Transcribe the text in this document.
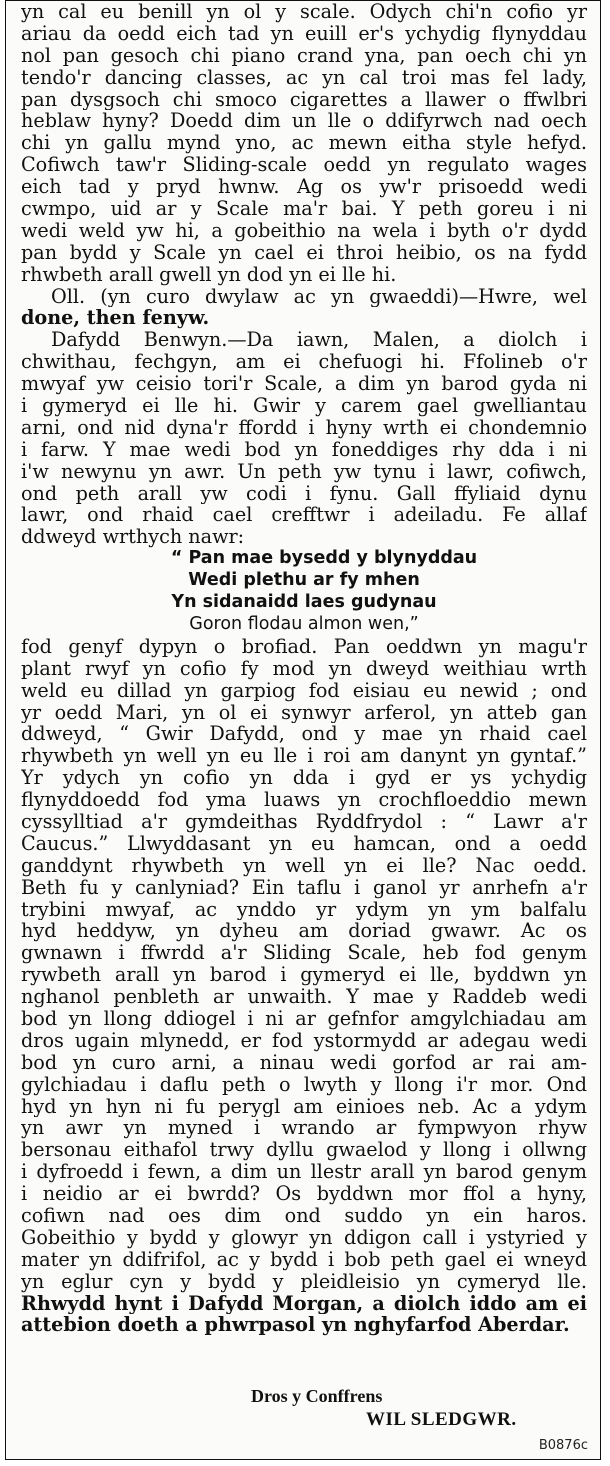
yn cal eu benill yn ol y scale. Odych chi'n cofio yr
ariau da oedd eich tad yn euill er's ychydig flynyddau
nol pan gesoch chi piano crand yna, pan oech chi yn
tendo'r dancing classes, ac yn cal troi mas fel lady,
pan dysgsoch chi smoco cigarettes a llawer o ffwlbri
heblaw hyny? Doedd dim un lle o ddifyrwch nad oech
chi yn gallu mynd yno, ac mewn eitha style hefyd.
Cofiwch taw'r Sliding-scale oedd yn regulato wages
eich tad y pryd hwnw. Ag os yw'r prisoedd wedi
cwmpo, uid ar y Scale ma'r bai. Y peth goreu i ni
wedi weld yw hi, a gobeithio na wela i byth o'r dydd
pan bydd y Scale yn cael ei throi heibio, os na fydd
rhwbeth arall gwell yn dod yn ei lle hi.
Oll. (yn curo dwylaw ac yn gwaeddi)—Hwre, wel
done, then fenyw.
Dafydd Benwyn.—Da iawn, Malen, a diolch i
chwithau, fechgyn, am ei chefuogi hi. Ffolineb o'r
mwyaf yw ceisio tori'r Scale, a dim yn barod gyda ni
i gymeryd ei lle hi. Gwir y carem gael gwelliantau
arni, ond nid dyna'r ffordd i hyny wrth ei chondemnio
i farw. Y mae wedi bod yn foneddiges rhy dda i ni
i'w newynu yn awr. Un peth yw tynu i lawr, cofiwch,
ond peth arall yw codi i fynu. Gall ffyliaid dynu
lawr, ond rhaid cael crefftwr i adeiladu. Fe allaf
ddweyd wrthych nawr:
“ Pan mae bysedd y blynyddau
Wedi plethu ar fy mhen
Yn sidanaidd laes gudynau
Goron flodau almon wen,”
fod genyf dypyn o brofiad. Pan oeddwn yn magu'r
plant rwyf yn cofio fy mod yn dweyd weithiau wrth
weld eu dillad yn garpiog fod eisiau eu newid ; ond
yr oedd Mari, yn ol ei synwyr arferol, yn atteb gan
ddweyd, “ Gwir Dafydd, ond y mae yn rhaid cael
rhywbeth yn well yn eu lle i roi am danynt yn gyntaf.”
Yr ydych yn cofio yn dda i gyd er ys ychydig
flynyddoedd fod yma luaws yn crochfloeddio mewn
cyssylltiad a'r gymdeithas Ryddfrydol : “ Lawr a'r
Caucus.” Llwyddasant yn eu hamcan, ond a oedd
ganddynt rhywbeth yn well yn ei lle? Nac oedd.
Beth fu y canlyniad? Ein taflu i ganol yr anrhefn a'r
trybini mwyaf, ac ynddo yr ydym yn ym balfalu
hyd heddyw, yn dyheu am doriad gwawr. Ac os
gwnawn i ffwrdd a'r Sliding Scale, heb fod genym
rywbeth arall yn barod i gymeryd ei lle, byddwn yn
nghanol penbleth ar unwaith. Y mae y Raddeb wedi
bod yn llong ddiogel i ni ar gefnfor amgylchiadau am
dros ugain mlynedd, er fod ystormydd ar adegau wedi
bod yn curo arni, a ninau wedi gorfod ar rai am-
gylchiadau i daflu peth o lwyth y llong i'r mor. Ond
hyd yn hyn ni fu perygl am einioes neb. Ac a ydym
yn awr yn myned i wrando ar fympwyon rhyw
bersonau eithafol trwy dyllu gwaelod y llong i ollwng
i dyfroedd i fewn, a dim un llestr arall yn barod genym
i neidio ar ei bwrdd? Os byddwn mor ffol a hyny,
cofiwn nad oes dim ond suddo yn ein haros.
Gobeithio y bydd y glowyr yn ddigon call i ystyried y
mater yn ddifrifol, ac y bydd i bob peth gael ei wneyd
yn eglur cyn y bydd y pleidleisio yn cymeryd lle.
Rhwydd hynt i Dafydd Morgan, a diolch iddo am ei
attebion doeth a phwrpasol yn nghyfarfod Aberdar.
Dros y Conffrens
WIL SLEDGWR.
B0876c
